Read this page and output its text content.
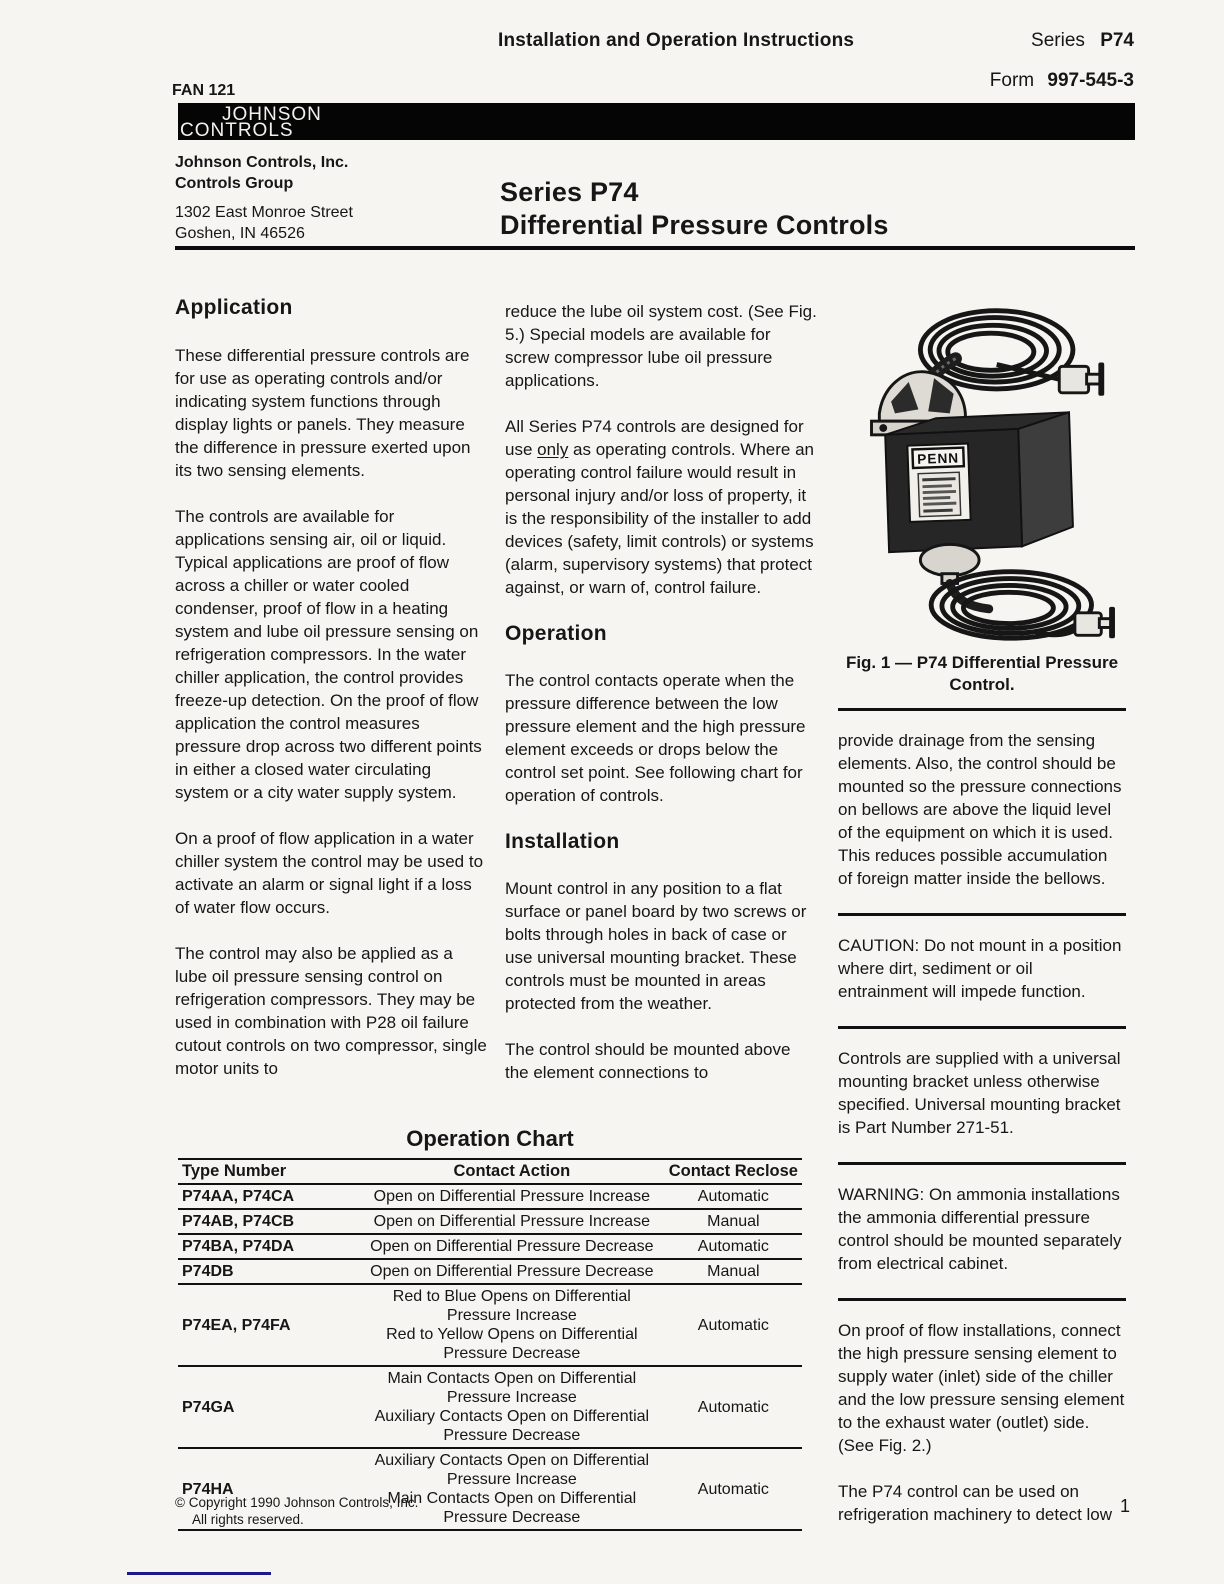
Installation and Operation Instructions	Series P74
Form 997-545-3
FAN 121
JOHNSON
CONTROLS
Johnson Controls, Inc.
Controls Group
1302 East Monroe Street
Goshen, IN 46526
Series P74
Differential Pressure Controls
Application

These differential pressure controls are for use as operating controls and/or indicating system functions through display lights or panels. They measure the difference in pressure exerted upon its two sensing elements.

The controls are available for applications sensing air, oil or liquid. Typical applications are proof of flow across a chiller or water cooled condenser, proof of flow in a heating system and lube oil pressure sensing on refrigeration compressors. In the water chiller application, the control provides freeze-up detection. On the proof of flow application the control measures pressure drop across two different points in either a closed water circulating system or a city water supply system.

On a proof of flow application in a water chiller system the control may be used to activate an alarm or signal light if a loss of water flow occurs.

The control may also be applied as a lube oil pressure sensing control on refrigeration compressors. They may be used in combination with P28 oil failure cutout controls on two compressor, single motor units to

reduce the lube oil system cost. (See Fig. 5.) Special models are available for screw compressor lube oil pressure applications.

All Series P74 controls are designed for use only as operating controls. Where an operating control failure would result in personal injury and/or loss of property, it is the responsibility of the installer to add devices (safety, limit controls) or systems (alarm, supervisory systems) that protect against, or warn of, control failure.

Operation

The control contacts operate when the pressure difference between the low pressure element and the high pressure element exceeds or drops below the control set point. See following chart for operation of controls.

Installation

Mount control in any position to a flat surface or panel board by two screws or bolts through holes in back of case or use universal mounting bracket. These controls must be mounted in areas protected from the weather.

The control should be mounted above the element connections to

PENN
Fig. 1 — P74 Differential Pressure
Control.

provide drainage from the sensing elements. Also, the control should be mounted so the pressure connections on bellows are above the liquid level of the equipment on which it is used. This reduces possible accumulation of foreign matter inside the bellows.

CAUTION: Do not mount in a position where dirt, sediment or oil entrainment will impede function.

Controls are supplied with a universal mounting bracket unless otherwise specified. Universal mounting bracket is Part Number 271-51.

WARNING: On ammonia installations the ammonia differential pressure control should be mounted separately from electrical cabinet.

On proof of flow installations, connect the high pressure sensing element to supply water (inlet) side of the chiller and the low pressure sensing element to the exhaust water (outlet) side. (See Fig. 2.)

The P74 control can be used on refrigeration machinery to detect low

Operation Chart
Type Number	Contact Action	Contact Reclose
P74AA, P74CA	Open on Differential Pressure Increase	Automatic
P74AB, P74CB	Open on Differential Pressure Increase	Manual
P74BA, P74DA	Open on Differential Pressure Decrease	Automatic
P74DB	Open on Differential Pressure Decrease	Manual
P74EA, P74FA	Red to Blue Opens on Differential
Pressure Increase
Red to Yellow Opens on Differential
Pressure Decrease	Automatic
P74GA	Main Contacts Open on Differential
Pressure Increase
Auxiliary Contacts Open on Differential
Pressure Decrease	Automatic
P74HA	Auxiliary Contacts Open on Differential
Pressure Increase
Main Contacts Open on Differential
Pressure Decrease	Automatic
© Copyright 1990 Johnson Controls, Inc.
All rights reserved.
1
